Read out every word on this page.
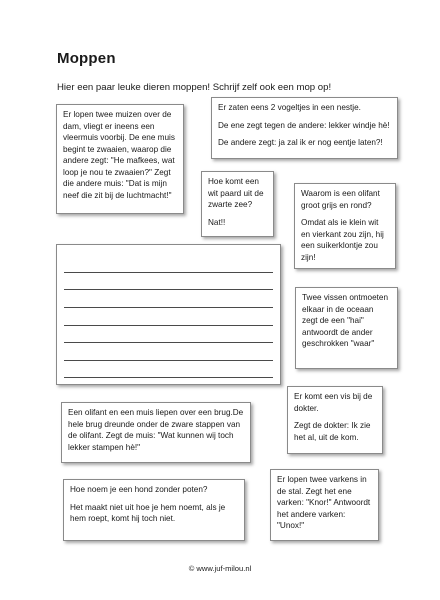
Moppen
Hier een paar leuke dieren moppen! Schrijf zelf ook een mop op!

Er lopen twee muizen over de dam, vliegt er ineens een vleermuis voorbij. De ene muis begint te zwaaien, waarop die andere zegt: "He mafkees, wat loop je nou te zwaaien?" Zegt die andere muis: "Dat is mijn neef die zit bij de luchtmacht!"

Er zaten eens 2 vogeltjes in een nestje.

De ene zegt tegen de andere: lekker windje hè!

De andere zegt: ja zal ik er nog eentje laten?!

Hoe komt een wit paard uit de zwarte zee?

Nat!!

Waarom is een olifant groot grijs en rond?

Omdat als ie klein wit en vierkant zou zijn, hij een suikerklontje zou zijn!

Twee vissen ontmoeten elkaar in de oceaan zegt de een "hai" antwoordt de ander geschrokken "waar"

Er komt een vis bij de dokter.

Zegt de dokter: Ik zie het al, uit de kom.

Een olifant en een muis liepen over een brug.De hele brug dreunde onder de zware stappen van de olifant. Zegt de muis: "Wat kunnen wij toch lekker stampen hè!"

Hoe noem je een hond zonder poten?

Het maakt niet uit hoe je hem noemt, als je hem roept, komt hij toch niet.

Er lopen twee varkens in de stal. Zegt het ene varken: "Knor!" Antwoordt het andere varken: "Unox!"

© www.juf-milou.nl
